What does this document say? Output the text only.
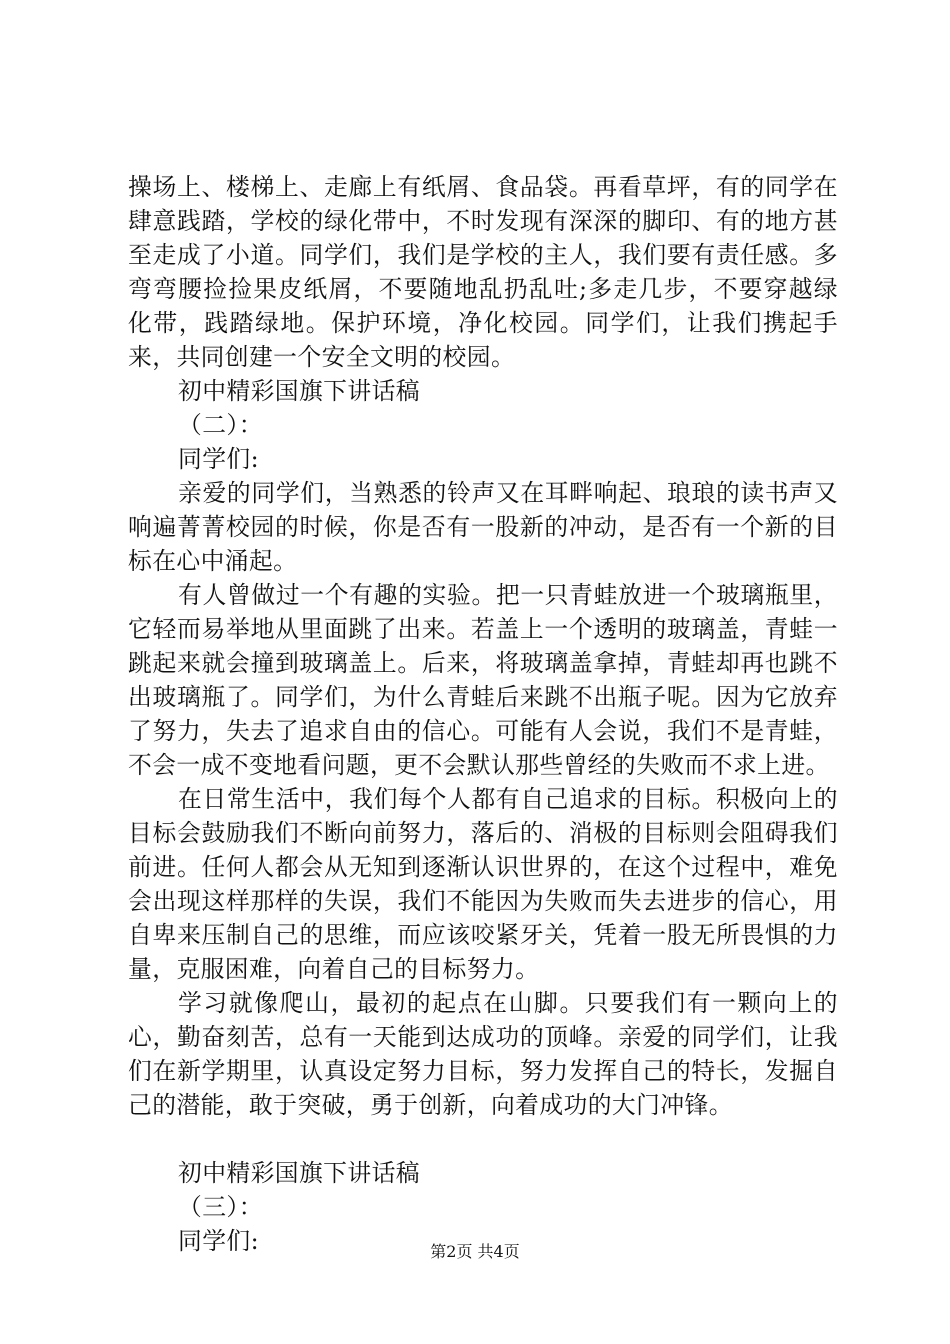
操场上、楼梯上、走廊上有纸屑、食品袋。再看草坪，有的同学在肆意践踏，学校的绿化带中，不时发现有深深的脚印、有的地方甚至走成了小道。同学们，我们是学校的主人，我们要有责任感。多弯弯腰捡捡果皮纸屑，不要随地乱扔乱吐;多走几步，不要穿越绿化带，践踏绿地。保护环境，净化校园。同学们，让我们携起手来，共同创建一个安全文明的校园。

初中精彩国旗下讲话稿

（二）：

同学们:

亲爱的同学们，当熟悉的铃声又在耳畔响起、琅琅的读书声又响遍菁菁校园的时候，你是否有一股新的冲动，是否有一个新的目标在心中涌起。

有人曾做过一个有趣的实验。把一只青蛙放进一个玻璃瓶里，它轻而易举地从里面跳了出来。若盖上一个透明的玻璃盖，青蛙一跳起来就会撞到玻璃盖上。后来，将玻璃盖拿掉，青蛙却再也跳不出玻璃瓶了。同学们，为什么青蛙后来跳不出瓶子呢。因为它放弃了努力，失去了追求自由的信心。可能有人会说，我们不是青蛙，不会一成不变地看问题，更不会默认那些曾经的失败而不求上进。

在日常生活中，我们每个人都有自己追求的目标。积极向上的目标会鼓励我们不断向前努力，落后的、消极的目标则会阻碍我们前进。任何人都会从无知到逐渐认识世界的，在这个过程中，难免会出现这样那样的失误，我们不能因为失败而失去进步的信心，用自卑来压制自己的思维，而应该咬紧牙关，凭着一股无所畏惧的力量，克服困难，向着自己的目标努力。

学习就像爬山，最初的起点在山脚。只要我们有一颗向上的心，勤奋刻苦，总有一天能到达成功的顶峰。亲爱的同学们，让我们在新学期里，认真设定努力目标，努力发挥自己的特长，发掘自己的潜能，敢于突破，勇于创新，向着成功的大门冲锋。

初中精彩国旗下讲话稿

（三）：

同学们:	第2页 共4页
